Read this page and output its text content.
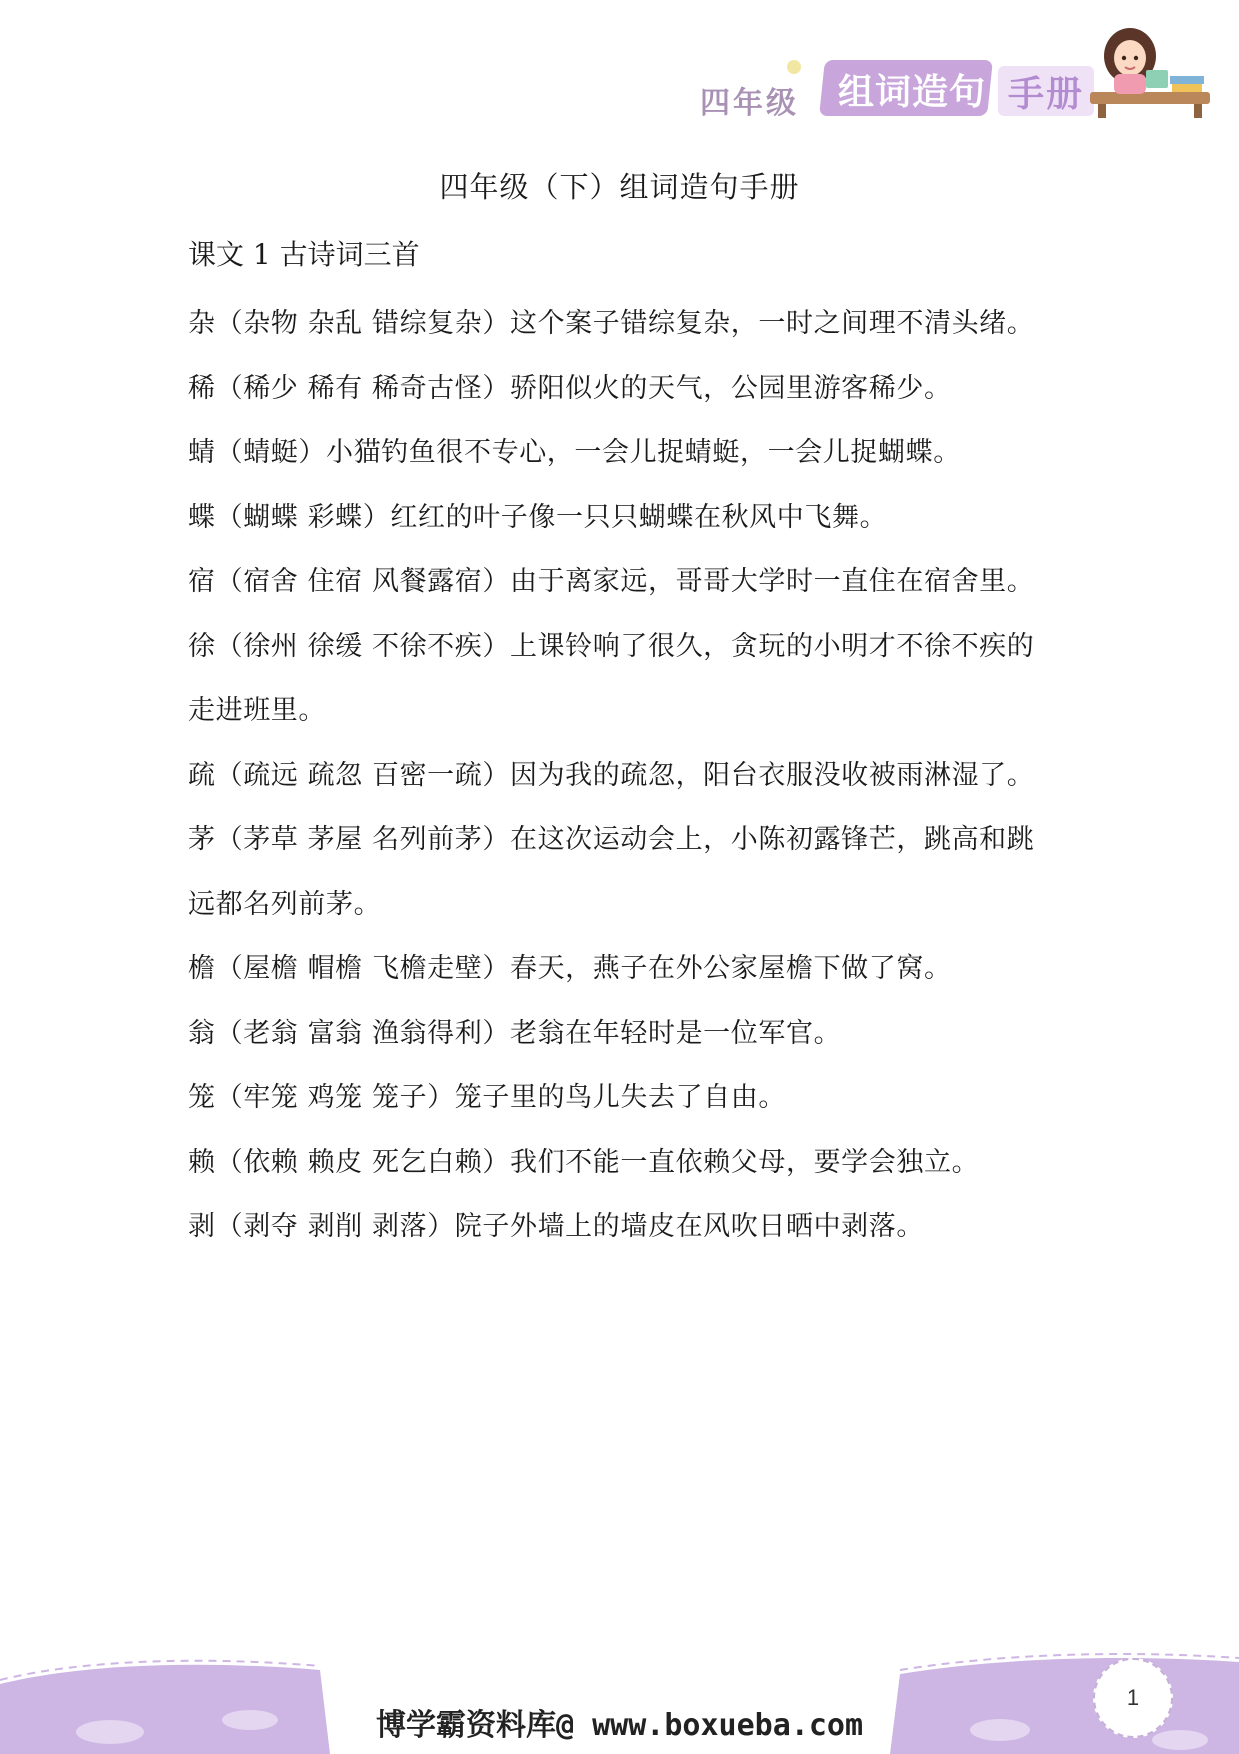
四年级 组词造句 手册
四年级（下）组词造句手册
课文 1 古诗词三首
杂（杂物 杂乱 错综复杂）这个案子错综复杂，一时之间理不清头绪。
稀（稀少 稀有 稀奇古怪）骄阳似火的天气，公园里游客稀少。
蜻（蜻蜓）小猫钓鱼很不专心，一会儿捉蜻蜓，一会儿捉蝴蝶。
蝶（蝴蝶 彩蝶）红红的叶子像一只只蝴蝶在秋风中飞舞。
宿（宿舍 住宿 风餐露宿）由于离家远，哥哥大学时一直住在宿舍里。
徐（徐州 徐缓 不徐不疾）上课铃响了很久，贪玩的小明才不徐不疾的走进班里。
疏（疏远 疏忽 百密一疏）因为我的疏忽，阳台衣服没收被雨淋湿了。
茅（茅草 茅屋 名列前茅）在这次运动会上，小陈初露锋芒，跳高和跳远都名列前茅。
檐（屋檐 帽檐 飞檐走壁）春天，燕子在外公家屋檐下做了窝。
翁（老翁 富翁 渔翁得利）老翁在年轻时是一位军官。
笼（牢笼 鸡笼 笼子）笼子里的鸟儿失去了自由。
赖（依赖 赖皮 死乞白赖）我们不能一直依赖父母，要学会独立。
剥（剥夺 剥削 剥落）院子外墙上的墙皮在风吹日晒中剥落。
博学霸资料库@ www.boxueba.com
1
